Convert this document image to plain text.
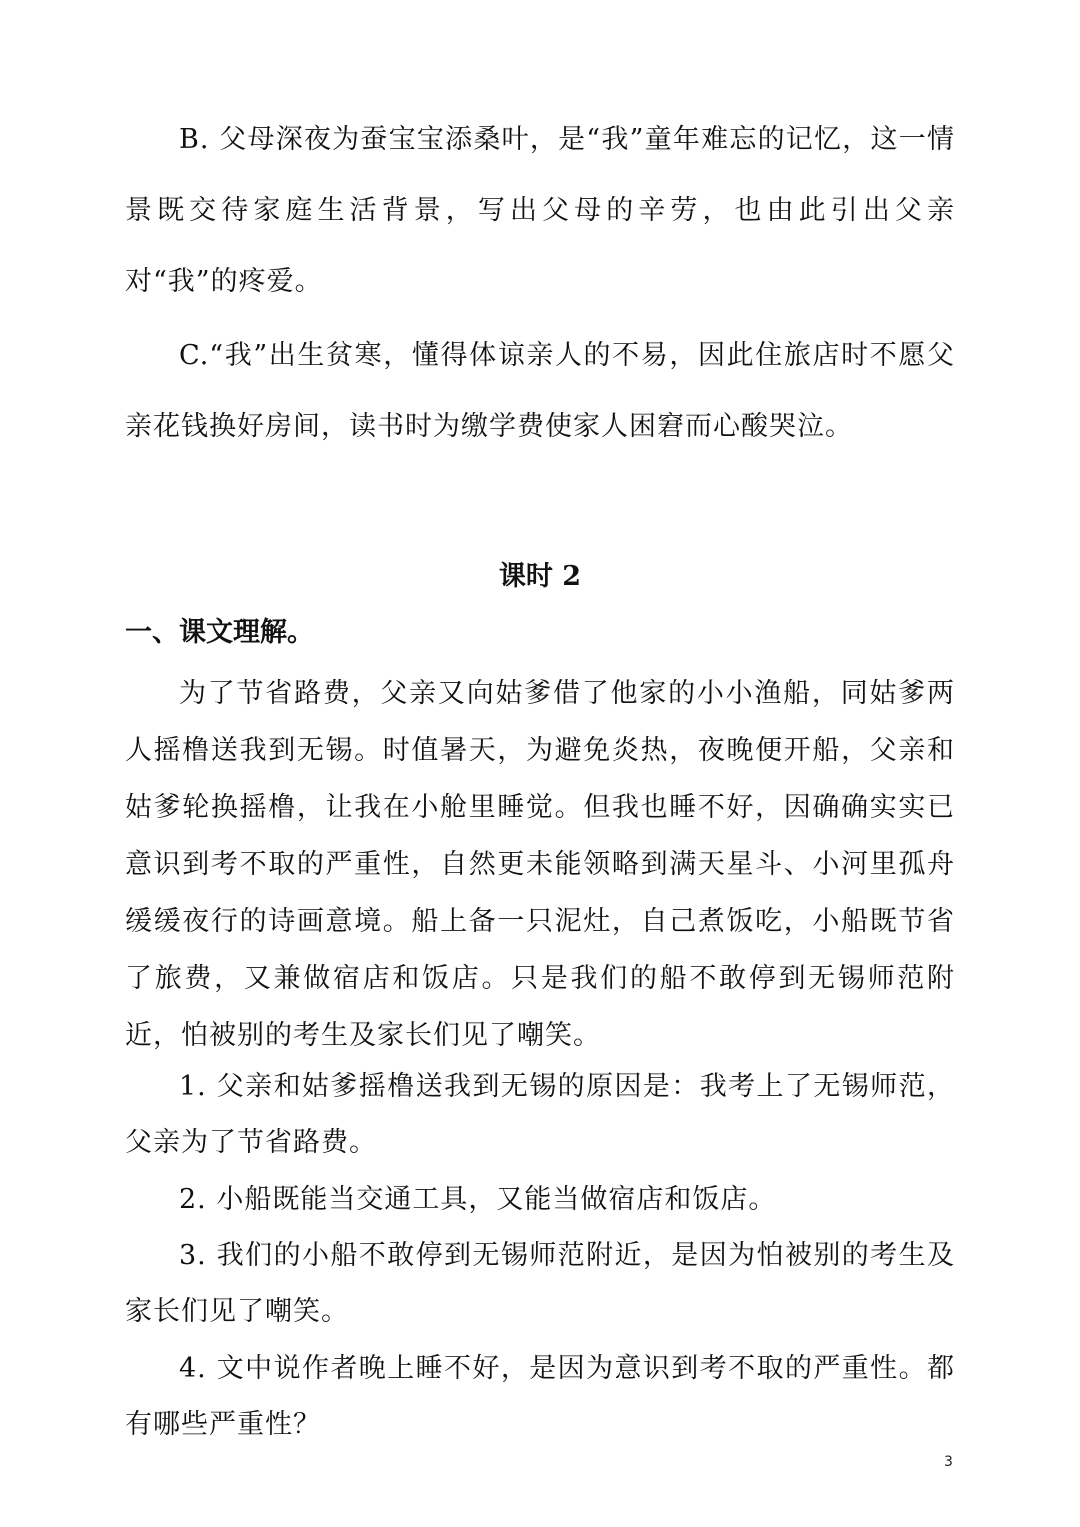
B. 父母深夜为蚕宝宝添桑叶，是“我”童年难忘的记忆，这一情景既交待家庭生活背景，写出父母的辛劳，也由此引出父亲对“我”的疼爱。

C.“我”出生贫寒，懂得体谅亲人的不易，因此住旅店时不愿父亲花钱换好房间，读书时为缴学费使家人困窘而心酸哭泣。

课时 2
一、课文理解。

为了节省路费，父亲又向姑爹借了他家的小小渔船，同姑爹两人摇橹送我到无锡。时值暑天，为避免炎热，夜晚便开船，父亲和姑爹轮换摇橹，让我在小舱里睡觉。但我也睡不好，因确确实实已意识到考不取的严重性，自然更未能领略到满天星斗、小河里孤舟缓缓夜行的诗画意境。船上备一只泥灶，自己煮饭吃，小船既节省了旅费，又兼做宿店和饭店。只是我们的船不敢停到无锡师范附近，怕被别的考生及家长们见了嘲笑。

1. 父亲和姑爹摇橹送我到无锡的原因是：我考上了无锡师范，父亲为了节省路费。

2. 小船既能当交通工具，又能当做宿店和饭店。

3. 我们的小船不敢停到无锡师范附近，是因为怕被别的考生及家长们见了嘲笑。

4. 文中说作者晚上睡不好，是因为意识到考不取的严重性。都有哪些严重性？

3
